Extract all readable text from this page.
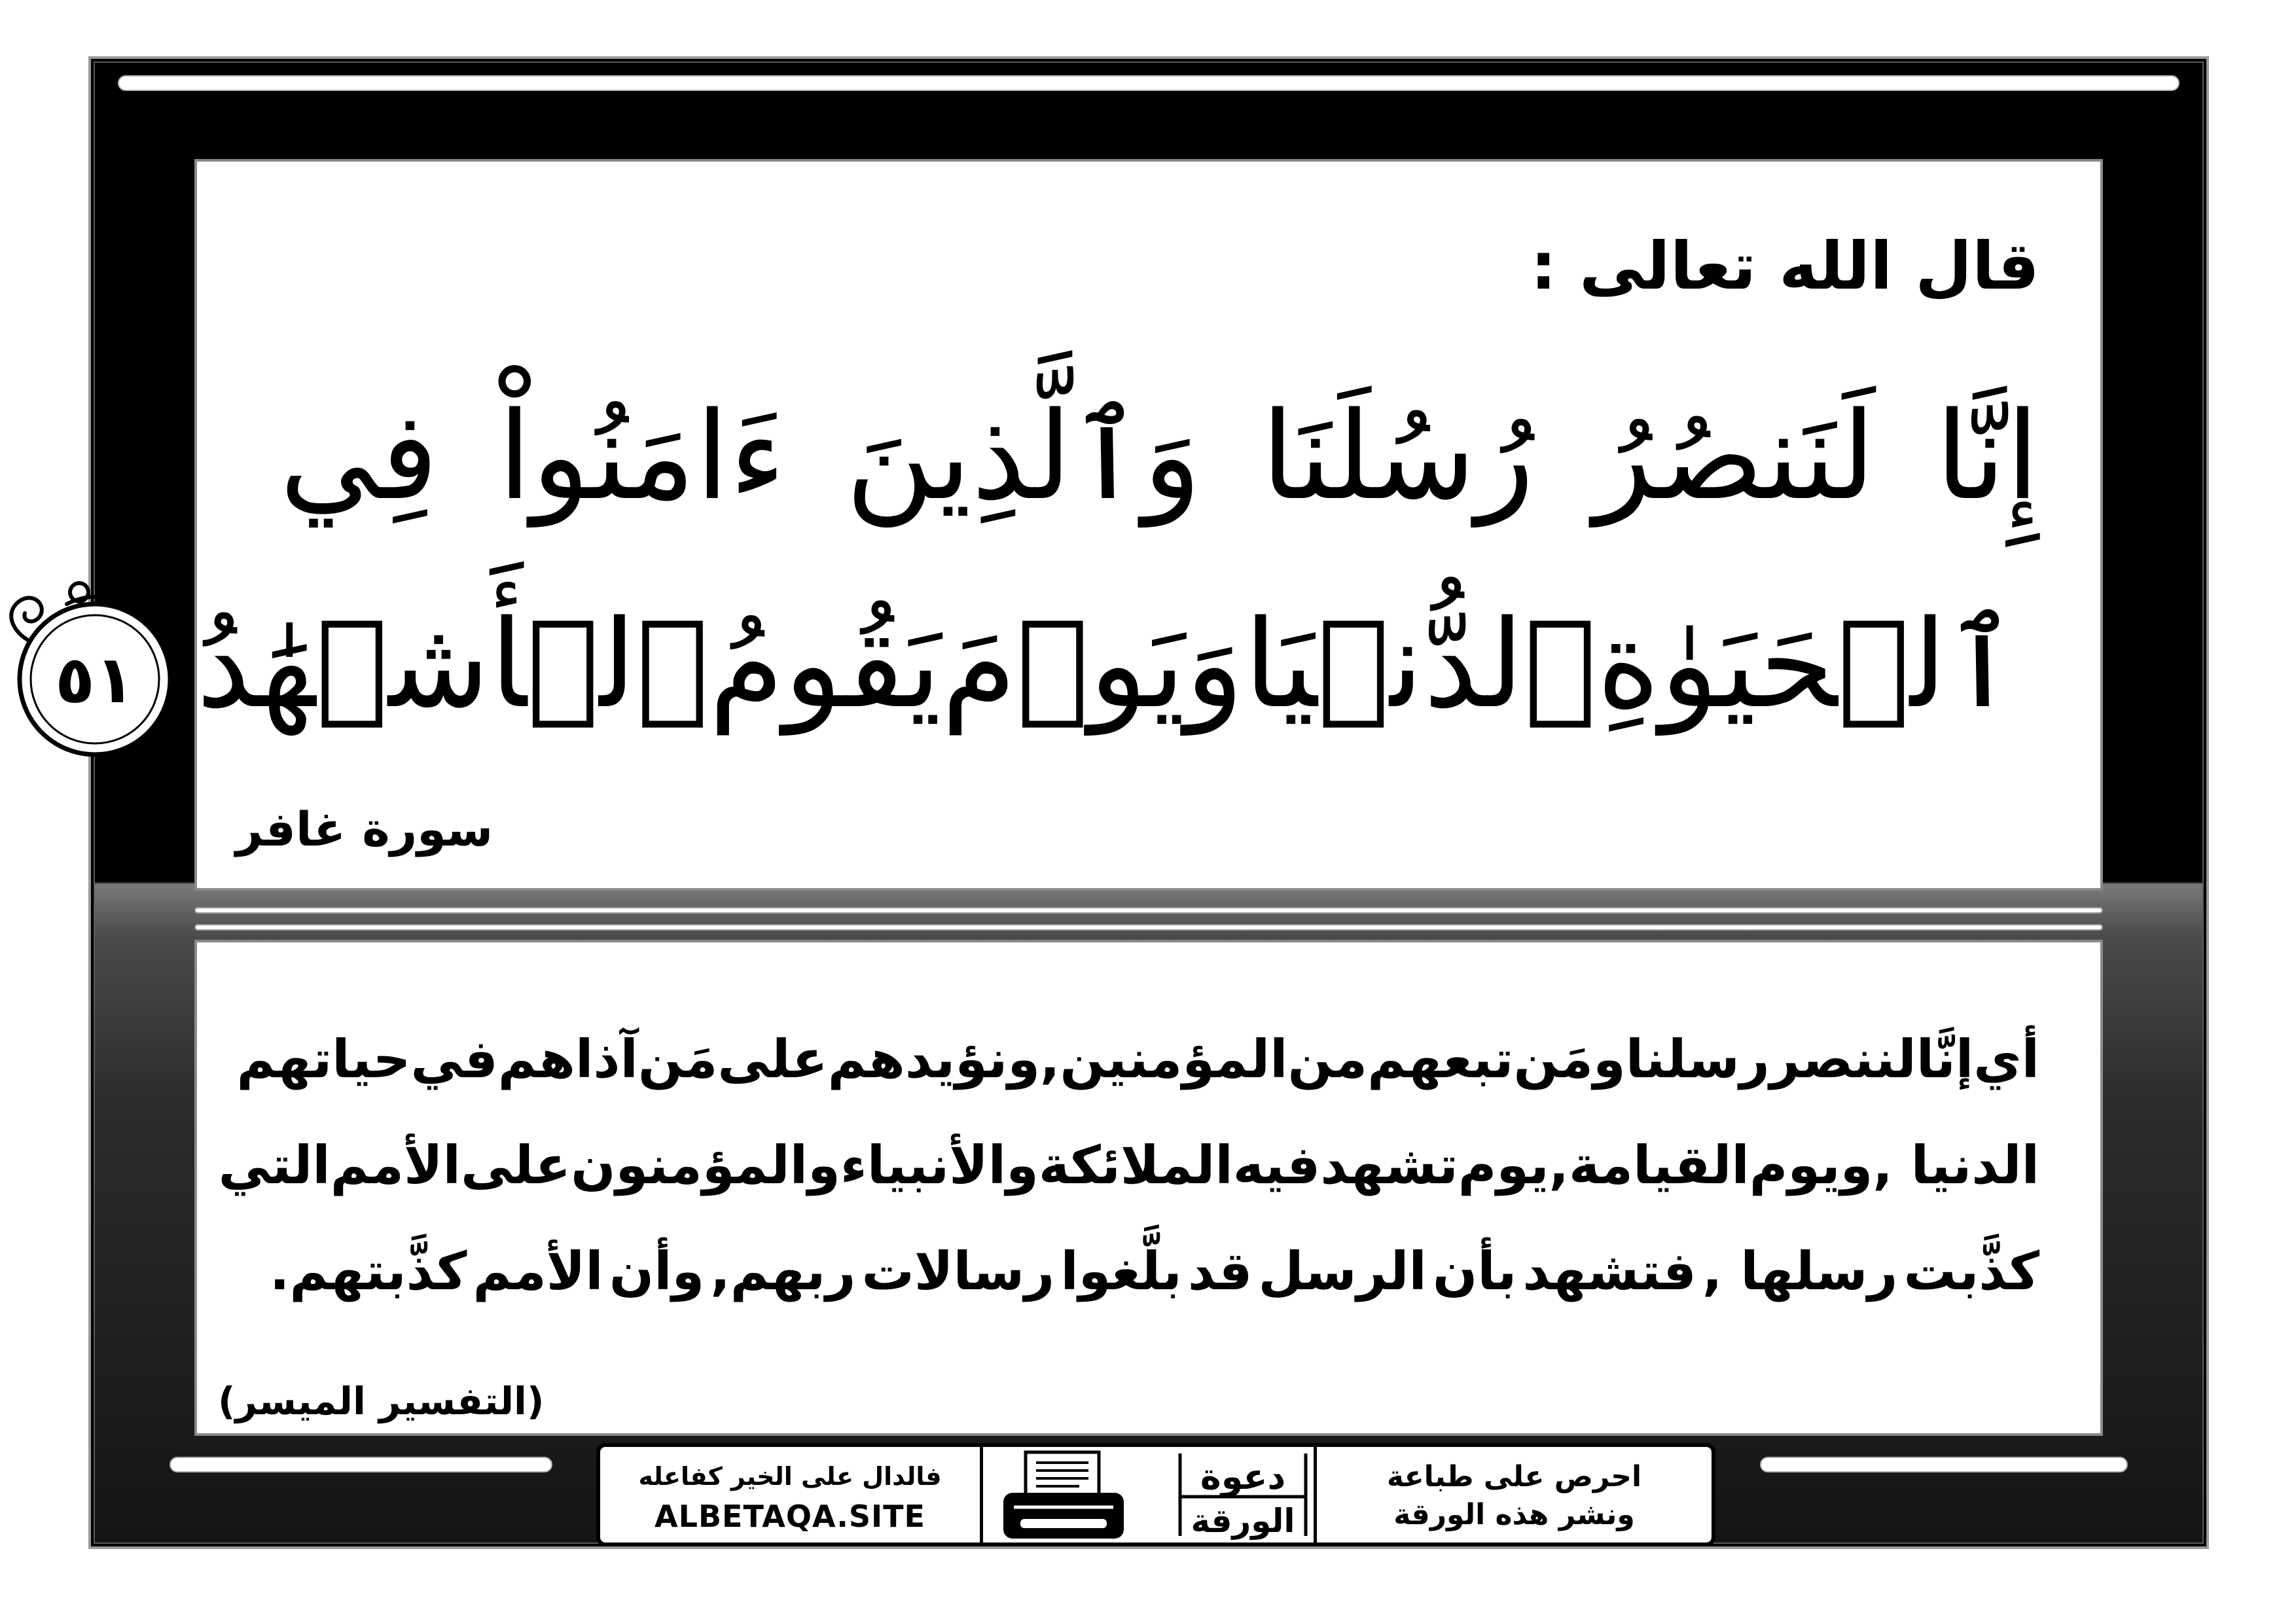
قال الله تعالى :
إِنَّا
لَنَنصُرُ
رُسُلَنَا
وَٱلَّذِينَ
ءَامَنُواْ
فِي
ٱلۡحَيَوٰةِ
ٱلدُّنۡيَا
وَيَوۡمَ
يَقُومُ
ٱلۡأَشۡهَٰدُ
٥١
سورة غافر
أي
إنَّا
لننصر
رسلنا
ومَن
تبعهم
من
المؤمنين,
ونؤيدهم
على
مَن
آذاهم
في
حياتهم
الدنيا ,
ويوم
القيامة,
يوم
تشهد
فيه
الملائكة
والأنبياء
والمؤمنون
على
الأمم
التي
كذَّبت
رسلها ,
فتشهد
بأن
الرسل
قد
بلَّغوا
رسالات
ربهم,
وأن
الأمم
كذَّبتهم.
(التفسير الميسر)
فالدال على الخير كفاعله
ALBETAQA.SITE
دعوة
الورقة
احرص على طباعة
ونشر هذه الورقة
